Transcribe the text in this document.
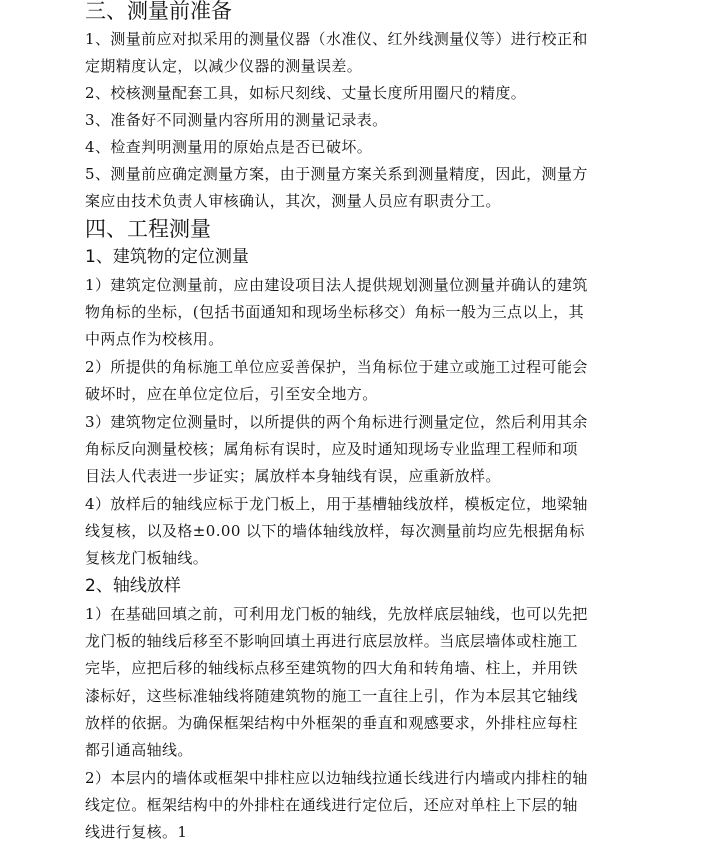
三、测量前准备
1、测量前应对拟采用的测量仪器（水准仪、红外线测量仪等）进行校正和
定期精度认定，以减少仪器的测量误差。
2、校核测量配套工具，如标尺刻线、丈量长度所用圈尺的精度。
3、准备好不同测量内容所用的测量记录表。
4、检查判明测量用的原始点是否已破坏。
5、测量前应确定测量方案，由于测量方案关系到测量精度，因此，测量方
案应由技术负责人审核确认，其次，测量人员应有职责分工。
四、工程测量
1、建筑物的定位测量
1）建筑定位测量前，应由建设项目法人提供规划测量位测量并确认的建筑
物角标的坐标，(包括书面通知和现场坐标移交）角标一般为三点以上，其
中两点作为校核用。
2）所提供的角标施工单位应妥善保护，当角标位于建立或施工过程可能会
破坏时，应在单位定位后，引至安全地方。
3）建筑物定位测量时，以所提供的两个角标进行测量定位，然后利用其余
角标反向测量校核；属角标有误时，应及时通知现场专业监理工程师和项
目法人代表进一步证实；属放样本身轴线有误，应重新放样。
4）放样后的轴线应标于龙门板上，用于基槽轴线放样，模板定位，地梁轴
线复核，以及格±0.00 以下的墙体轴线放样，每次测量前均应先根据角标
复核龙门板轴线。
2、轴线放样
1）在基础回填之前，可利用龙门板的轴线，先放样底层轴线，也可以先把
龙门板的轴线后移至不影响回填土再进行底层放样。当底层墙体或柱施工
完毕，应把后移的轴线标点移至建筑物的四大角和转角墙、柱上，并用铁
漆标好，这些标准轴线将随建筑物的施工一直往上引，作为本层其它轴线
放样的依据。为确保框架结构中外框架的垂直和观感要求，外排柱应每柱
都引通高轴线。
2）本层内的墙体或框架中排柱应以边轴线拉通长线进行内墙或内排柱的轴
线定位。框架结构中的外排柱在通线进行定位后，还应对单柱上下层的轴
线进行复核。1
